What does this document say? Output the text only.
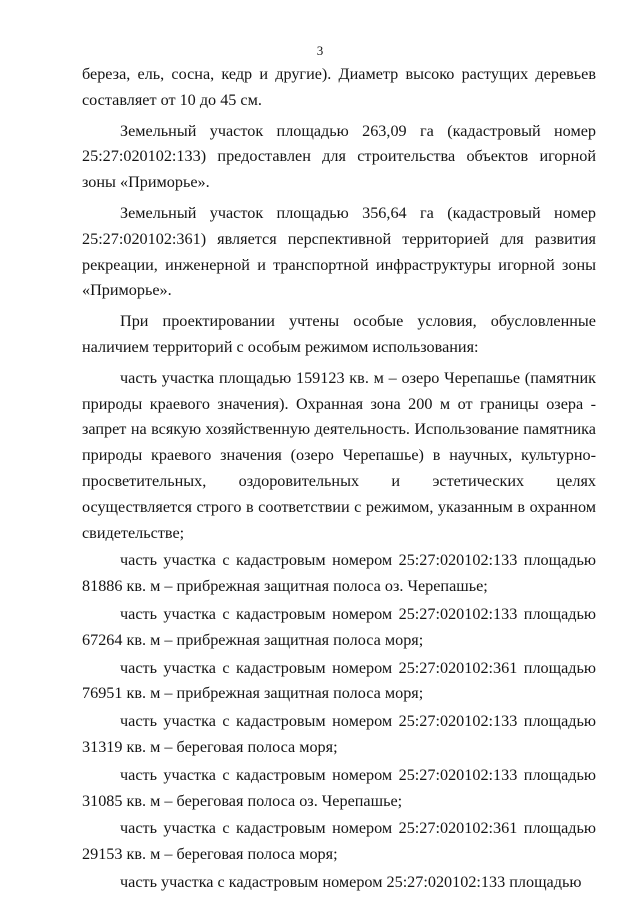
3

береза, ель, сосна, кедр и другие). Диаметр высоко растущих деревьев составляет от 10 до 45 см.

Земельный участок площадью 263,09 га (кадастровый номер 25:27:020102:133) предоставлен для строительства объектов игорной зоны «Приморье».

Земельный участок площадью 356,64 га (кадастровый номер 25:27:020102:361) является перспективной территорией для развития рекреации, инженерной и транспортной инфраструктуры игорной зоны «Приморье».

При проектировании учтены особые условия, обусловленные наличием территорий с особым режимом использования:

часть участка площадью 159123 кв. м – озеро Черепашье (памятник природы краевого значения). Охранная зона 200 м от границы озера - запрет на всякую хозяйственную деятельность. Использование памятника природы краевого значения (озеро Черепашье) в научных, культурно-просветительных, оздоровительных и эстетических целях осуществляется строго в соответствии с режимом, указанным в охранном свидетельстве;

часть участка с кадастровым номером 25:27:020102:133 площадью 81886 кв. м – прибрежная защитная полоса оз. Черепашье;

часть участка с кадастровым номером 25:27:020102:133 площадью 67264 кв. м – прибрежная защитная полоса моря;

часть участка с кадастровым номером 25:27:020102:361 площадью 76951 кв. м – прибрежная защитная полоса моря;

часть участка с кадастровым номером 25:27:020102:133 площадью 31319 кв. м – береговая полоса моря;

часть участка с кадастровым номером 25:27:020102:133 площадью 31085 кв. м – береговая полоса оз. Черепашье;

часть участка с кадастровым номером 25:27:020102:361 площадью 29153 кв. м – береговая полоса моря;

часть участка с кадастровым номером 25:27:020102:133 площадью
